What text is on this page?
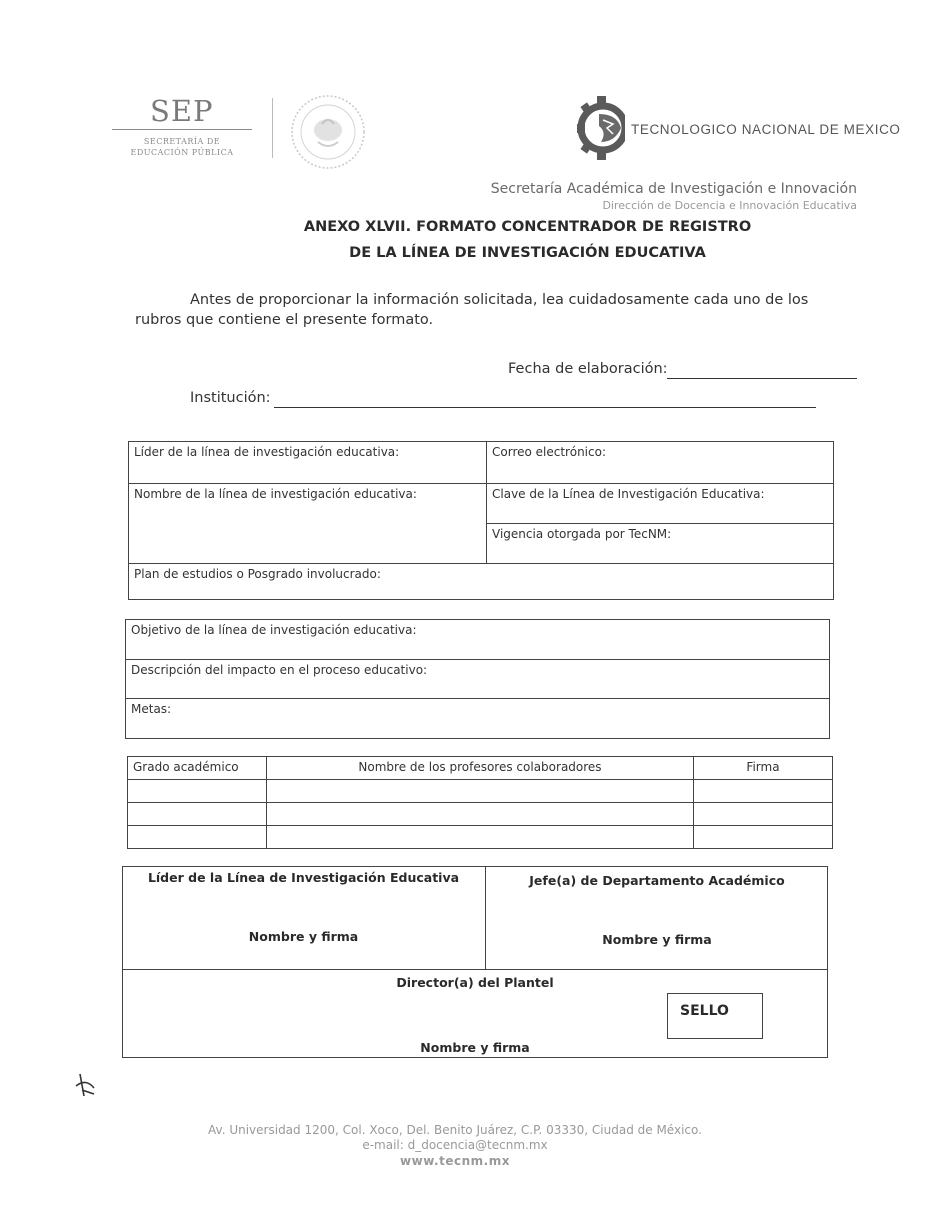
SEP
SECRETARÍA DE
EDUCACIÓN PÚBLICA
TECNOLOGICO NACIONAL DE MEXICO
Secretaría Académica de Investigación e Innovación
Dirección de Docencia e Innovación Educativa
ANEXO XLVII. FORMATO CONCENTRADOR DE REGISTRO
DE LA LÍNEA DE INVESTIGACIÓN EDUCATIVA
Antes de proporcionar la información solicitada, lea cuidadosamente cada uno de los rubros que contiene el presente formato.
Fecha de elaboración:
Institución:
Líder de la línea de investigación educativa:	Correo electrónico:
Nombre de la línea de investigación educativa:	Clave de la Línea de Investigación Educativa:
	Vigencia otorgada por TecNM:
Plan de estudios o Posgrado involucrado:	
Objetivo de la línea de investigación educativa:
Descripción del impacto en el proceso educativo:
Metas:
Grado académico	Nombre de los profesores colaboradores	Firma

Líder de la Línea de Investigación Educativa
Nombre y firma
Jefe(a) de Departamento Académico
Nombre y firma
Director(a) del Plantel
Nombre y firma
SELLO
Av. Universidad 1200, Col. Xoco, Del. Benito Juárez, C.P. 03330, Ciudad de México.
e-mail: d_docencia@tecnm.mx
www.tecnm.mx
